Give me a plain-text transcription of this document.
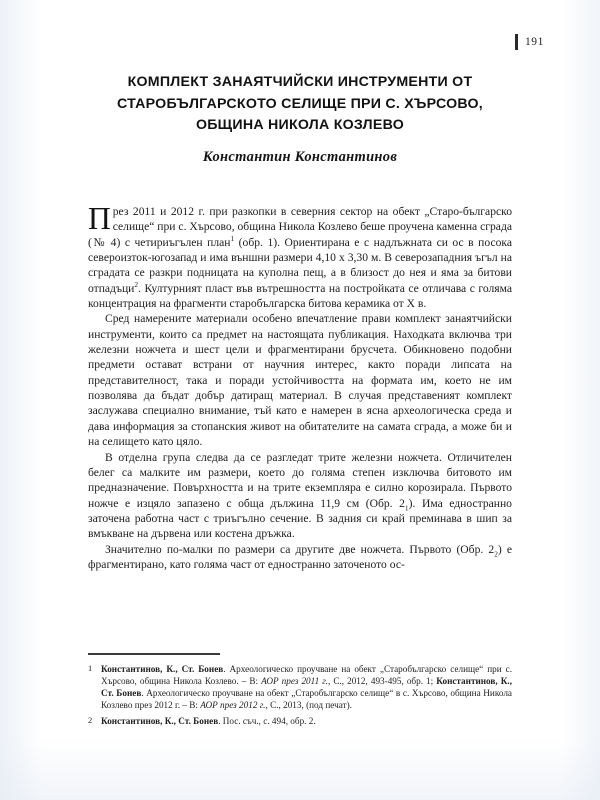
191
КОМПЛЕКТ ЗАНАЯТЧИЙСКИ ИНСТРУМЕНТИ ОТ
СТАРОБЪЛГАРСКОТО СЕЛИЩЕ ПРИ С. ХЪРСОВО,
ОБЩИНА НИКОЛА КОЗЛЕВО
Константин Константинов

През 2011 и 2012 г. при разкопки в северния сектор на обект „Старо-българско селище“ при с. Хърсово, община Никола Козлево беше проучена каменна сграда (№ 4) с четириъгълен план$^1$ (обр. 1). Ориентирана е с надлъжната си ос в посока североизток-югозапад и има външни размери 4,10 х 3,30 м. В северозападния ъгъл на сградата се разкри подницата на куполна пещ, а в близост до нея и яма за битови отпадъци$^2$. Културният пласт във вътрешността на постройката се отличава с голяма концентрация на фрагменти старобългарска битова керамика от Х в.

Сред намерените материали особено впечатление прави комплект занаятчийски инструменти, които са предмет на настоящата публикация. Находката включва три железни ножчета и шест цели и фрагментирани брусчета. Обикновено подобни предмети остават встрани от научния интерес, както поради липсата на представителност, така и поради устойчивостта на формата им, което не им позволява да бъдат добър датиращ материал. В случая представеният комплект заслужава специално внимание, тъй като е намерен в ясна археологическа среда и дава информация за стопанския живот на обитателите на самата сграда, а може би и на селището като цяло.

В отделна група следва да се разгледат трите железни ножчета. Отличителен белег са малките им размери, което до голяма степен изключва битовото им предназначение. Повърхността и на трите екземпляра е силно корозирала. Първото ножче е изцяло запазено с обща дължина 11,9 см (Обр. $2_1$). Има едностранно заточена работна част с триъгълно сечение. В задния си край преминава в шип за вмъкване на дървена или костена дръжка.

Значително по-малки по размери са другите две ножчета. Първото (Обр. $2_2$) е фрагментирано, като голяма част от едностранно заточеното ос-

1 Константинов, К., Ст. Бонев. Археологическо проучване на обект „Старобългарско селище“ при с. Хърсово, община Никола Козлево. – В: АОР през 2011 г., С., 2012, 493-495, обр. 1; Константинов, К., Ст. Бонев. Археологическо проучване на обект „Старобългарско селище“ в с. Хърсово, община Никола Козлево през 2012 г. – В: АОР през 2012 г., С., 2013, (под печат).
2 Константинов, К., Ст. Бонев. Пос. съч., с. 494, обр. 2.
